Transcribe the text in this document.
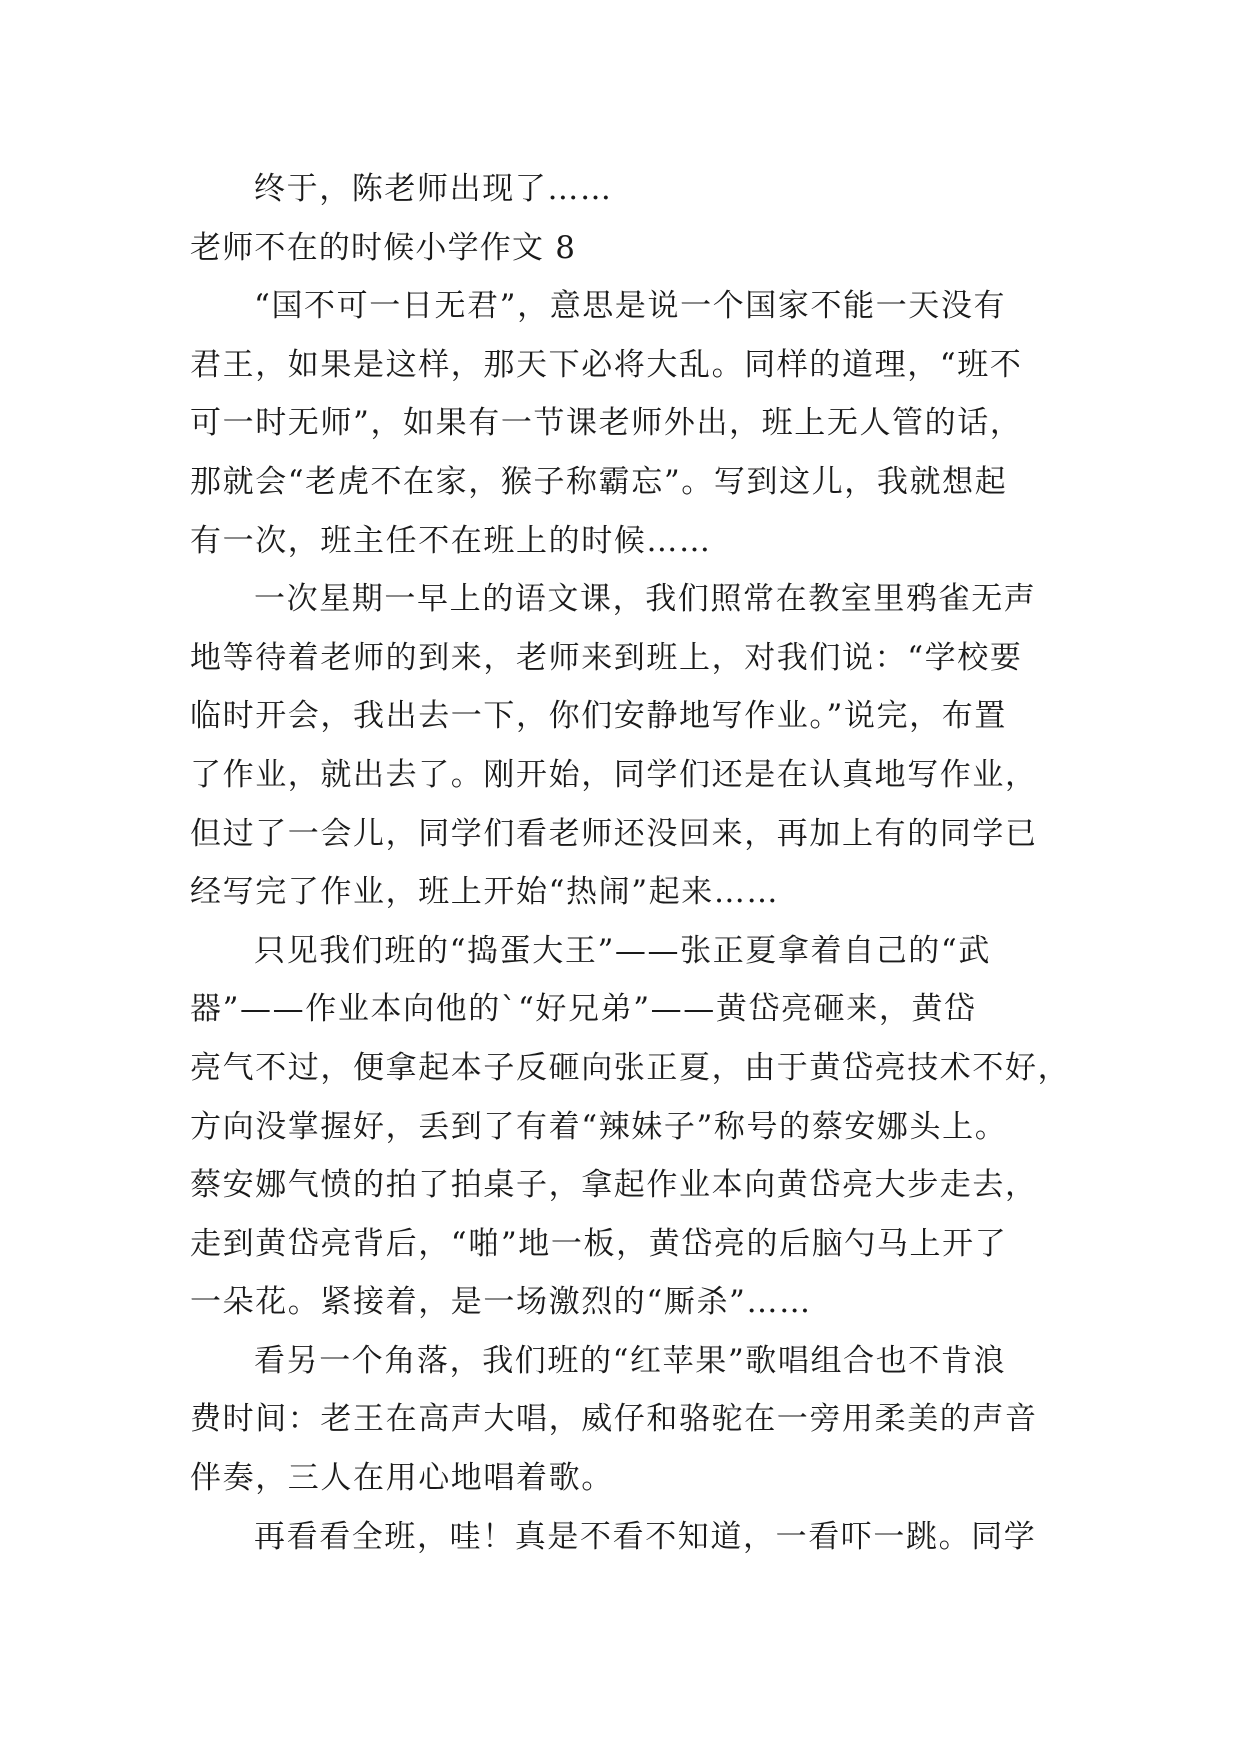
终于，陈老师出现了……
老师不在的时候小学作文 8
“国不可一日无君”，意思是说一个国家不能一天没有
君王，如果是这样，那天下必将大乱。同样的道理，“班不
可一时无师”，如果有一节课老师外出，班上无人管的话，
那就会“老虎不在家，猴子称霸忘”。写到这儿，我就想起
有一次，班主任不在班上的时候……
一次星期一早上的语文课，我们照常在教室里鸦雀无声
地等待着老师的到来，老师来到班上，对我们说：“学校要
临时开会，我出去一下，你们安静地写作业。”说完，布置
了作业，就出去了。刚开始，同学们还是在认真地写作业，
但过了一会儿，同学们看老师还没回来，再加上有的同学已
经写完了作业，班上开始“热闹”起来……
只见我们班的“捣蛋大王”——张正夏拿着自己的“武
器”——作业本向他的`“好兄弟”——黄岱亮砸来，黄岱
亮气不过，便拿起本子反砸向张正夏，由于黄岱亮技术不好，
方向没掌握好，丢到了有着“辣妹子”称号的蔡安娜头上。
蔡安娜气愤的拍了拍桌子，拿起作业本向黄岱亮大步走去，
走到黄岱亮背后，“啪”地一板，黄岱亮的后脑勺马上开了
一朵花。紧接着，是一场激烈的“厮杀”……
看另一个角落，我们班的“红苹果”歌唱组合也不肯浪
费时间：老王在高声大唱，威仔和骆驼在一旁用柔美的声音
伴奏，三人在用心地唱着歌。
再看看全班，哇！真是不看不知道，一看吓一跳。同学
